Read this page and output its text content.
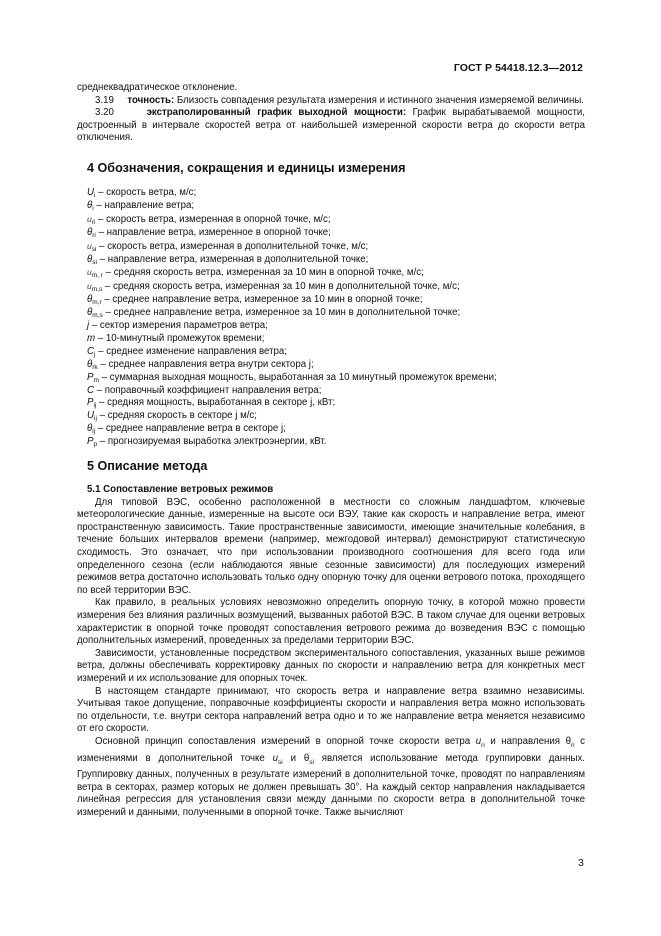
ГОСТ Р 54418.12.3—2012

среднеквадратическое отклонение.

3.19 точность: Близость совпадения результата измерения и истинного значения измеряемой величины.

3.20	экстраполированный график выходной мощности: График вырабатываемой мощности, достроенный в интервале скоростей ветра от наибольшей измеренной скорости ветра до скорости ветра отключения.

4 Обозначения, сокращения и единицы измерения
$U_i$ – скорость ветра, м/с;
$\theta_i$ – направление ветра;
$u_{ri}$ – скорость ветра, измеренная в опорной точке, м/с;
$\theta_{ri}$ – направление ветра, измеренное в опорной точке;
$u_{si}$ – скорость ветра, измеренная в дополнительной точке, м/с;
$\theta_{si}$ – направление ветра, измеренная в дополнительной точке;
$u_{m, r}$ – средняя скорость ветра, измеренная за 10 мин в опорной точке, м/с;
$u_{m,s}$ – средняя скорость ветра, измеренная за 10 мин в дополнительной точке, м/с;
$\theta_{m,r}$ – среднее направление ветра, измеренное за 10 мин в опорной точке;
$\theta_{m,s}$ – среднее направление ветра, измеренное за 10 мин в дополнительной точке;
j – сектор измерения параметров ветра;
m – 10-минутный промежуток времени;
$C_j$ – среднее изменение направления ветра;
$\theta_{rk}$ – среднее направления ветра внутри сектора j;
$P_m$ – суммарная выходная мощность, выработанная за 10 минутный промежуток времени;
C – поправочный коэффициент направления ветра;
$P_{ij}$ – средняя мощность, выработанная в секторе j, кВт;
$U_{ij}$ – средняя скорость в секторе j м/с;
$\theta_{ij}$ – среднее направление ветра в секторе j;
$P_p$ – прогнозируемая выработка электроэнергии, кВт.
5 Описание метода

5.1 Сопоставление ветровых режимов

Для типовой ВЭС, особенно расположенной в местности со сложным ландшафтом, ключевые метеорологические данные, измеренные на высоте оси ВЭУ, такие как скорость и направление ветра, имеют пространственную зависимость. Такие пространственные зависимости, имеющие значительные колебания, в течение больших интервалов времени (например, межгодовой интервал) демонстрируют статистическую сходимость. Это означает, что при использовании производного соотношения для всего года или определенного сезона (если наблюдаются явные сезонные зависимости) для последующих измерений режимов ветра достаточно использовать только одну опорную точку для оценки ветрового потока, проходящего по всей территории ВЭС.

Как правило, в реальных условиях невозможно определить опорную точку, в которой можно провести измерения без влияния различных возмущений, вызванных работой ВЭС. В таком случае для оценки ветровых характеристик в опорной точке проводят сопоставления ветрового режима до возведения ВЭС с помощью дополнительных измерений, проведенных за пределами территории ВЭС.

Зависимости, установленные посредством экспериментального сопоставления, указанных выше режимов ветра, должны обеспечивать корректировку данных по скорости и направлению ветра для конкретных мест измерений и их использование для опорных точек.

В настоящем стандарте принимают, что скорость ветра и направление ветра взаимно независимы. Учитывая такое допущение, поправочные коэффициенты скорости и направления ветра можно использовать по отдельности, т.е. внутри сектора направлений ветра одно и то же направление ветра меняется независимо от его скорости.

Основной принцип сопоставления измерений в опорной точке скорости ветра $u_{ri}$ и направления $\theta_{ri}$ с изменениями в дополнительной точке $u_{si}$ и $\theta_{si}$ является использование метода группировки данных. Группировку данных, полученных в результате измерений в дополнительной точке, проводят по направлениям ветра в секторах, размер которых не должен превышать 30°. На каждый сектор направления накладывается линейная регрессия для установления связи между данными по скорости ветра в дополнительной точке измерений и данными, полученными в опорной точке. Также вычисляют

3
